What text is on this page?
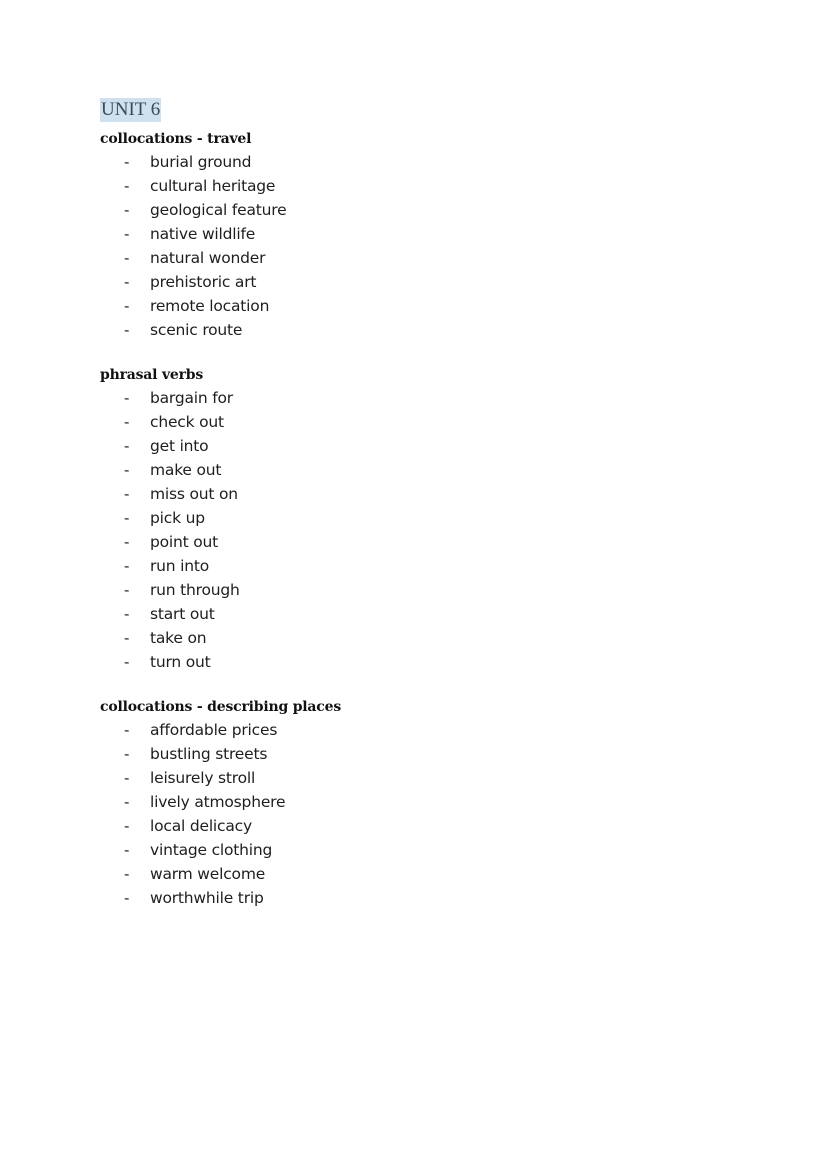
UNIT 6
collocations - travel
- burial ground
- cultural heritage
- geological feature
- native wildlife
- natural wonder
- prehistoric art
- remote location
- scenic route
phrasal verbs
- bargain for
- check out
- get into
- make out
- miss out on
- pick up
- point out
- run into
- run through
- start out
- take on
- turn out
collocations - describing places
- affordable prices
- bustling streets
- leisurely stroll
- lively atmosphere
- local delicacy
- vintage clothing
- warm welcome
- worthwhile trip
